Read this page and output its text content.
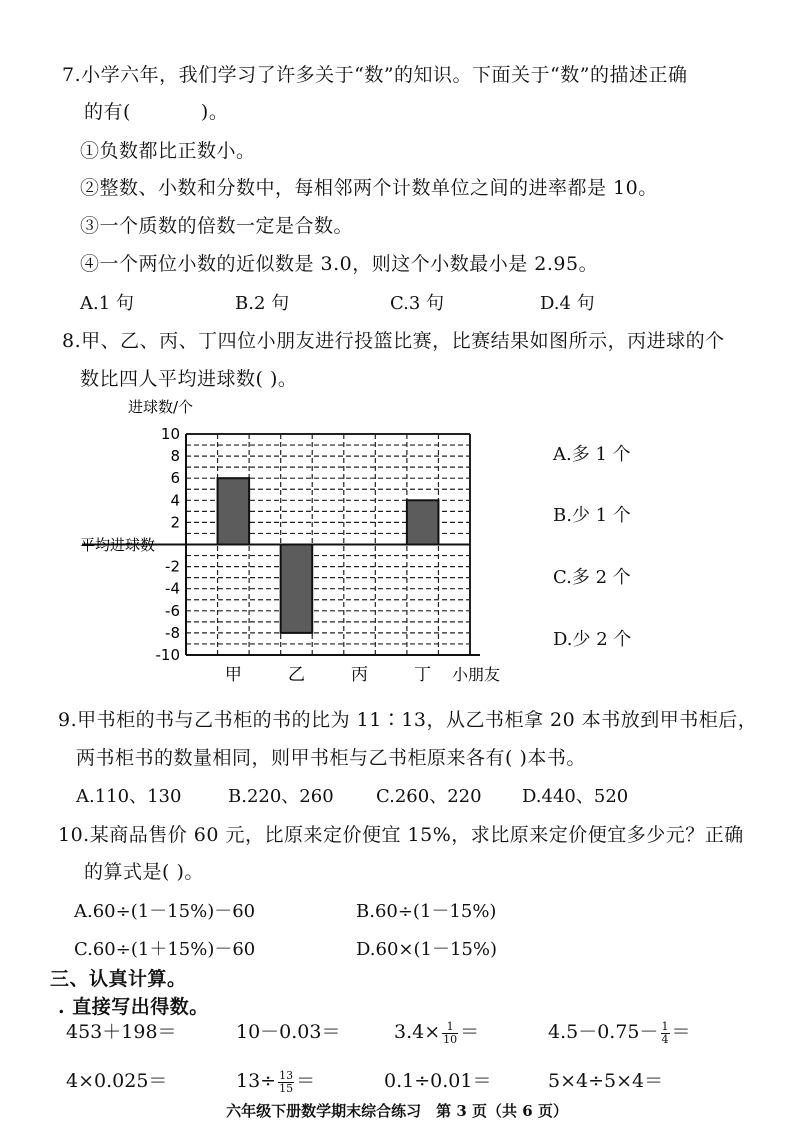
7.小学六年，我们学习了许多关于“数”的知识。下面关于“数”的描述正确
的有(	)。
①负数都比正数小。
②整数、小数和分数中，每相邻两个计数单位之间的进率都是 10。
③一个质数的倍数一定是合数。
④一个两位小数的近似数是 3.0，则这个小数最小是 2.95。
A.1 句	B.2 句	C.3 句	D.4 句
8.甲、乙、丙、丁四位小朋友进行投篮比赛，比赛结果如图所示，丙进球的个
数比四人平均进球数( )。
进球数/个
10
8
6
4
2
-2
-4
-6
-8
-10
甲	乙	丙	丁
平均进球数
小朋友
A.多 1 个
B.少 1 个
C.多 2 个
D.少 2 个
9.甲书柜的书与乙书柜的书的比为 11∶13，从乙书柜拿 20 本书放到甲书柜后，
两书柜书的数量相同，则甲书柜与乙书柜原来各有( )本书。
A.110、130	B.220、260 C.260、220 D.440、520
10.某商品售价 60 元，比原来定价便宜 15%，求比原来定价便宜多少元？正确
的算式是( )。
A.60÷(1－15%)－60	B.60÷(1－15%)
C.60÷(1＋15%)－60	D.60×(1－15%)
三、认真计算。
. 直接写出得数。
453＋198＝	10－0.03＝	$3.4\times \frac{1}{10}$ ＝	$4.5-0.75- \frac{1}{4}$ ＝
4×0.025＝	$13\div \frac{13}{15}$ ＝	0.1÷0.01＝	5×4÷5×4＝
六年级下册数学期末综合练习　第 3 页（共 6 页）
